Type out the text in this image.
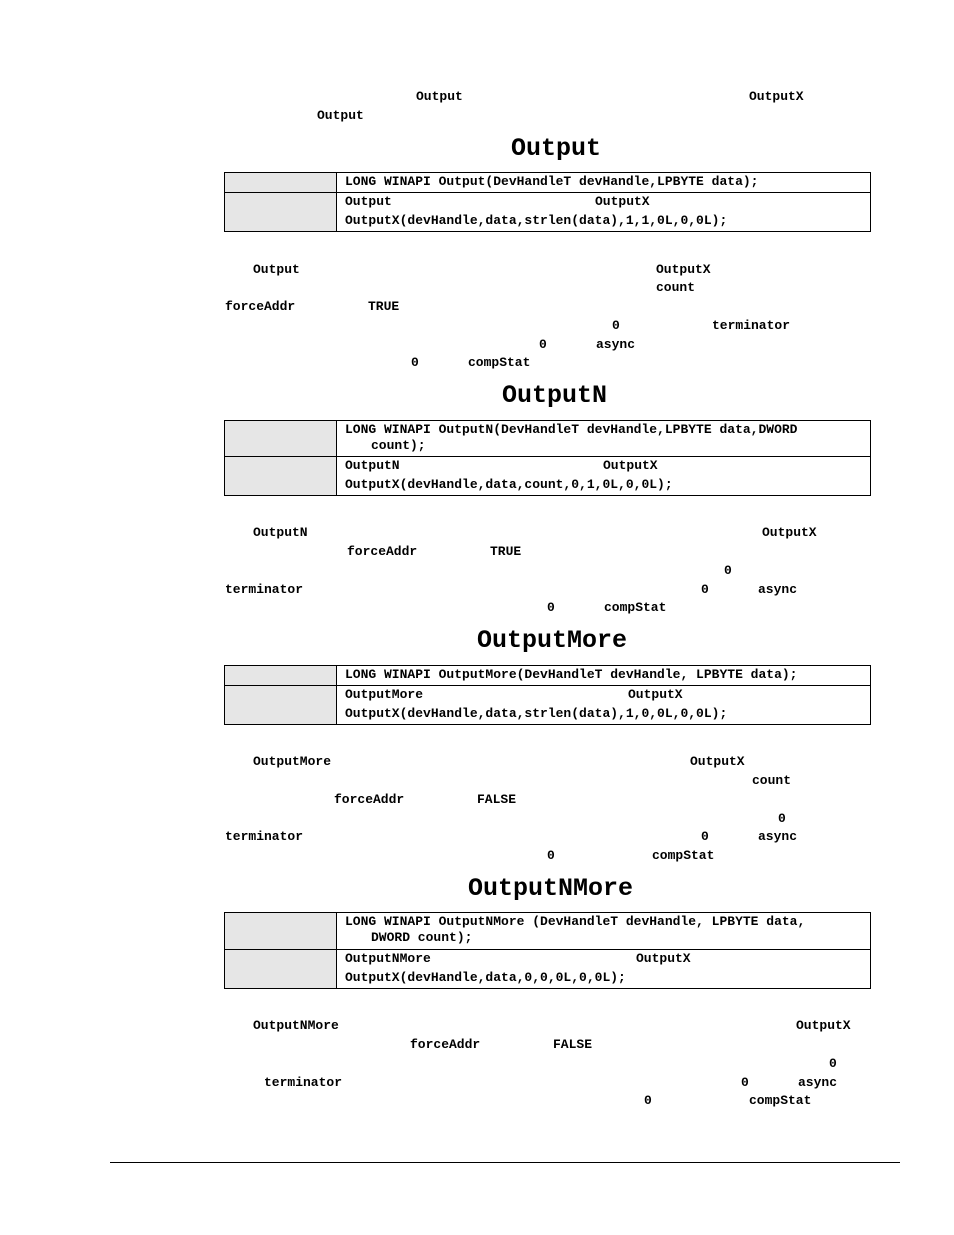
Output	OutputX
Output
Output
LONG WINAPI Output(DevHandleT devHandle,LPBYTE data);
Output	OutputX
OutputX(devHandle,data,strlen(data),1,1,0L,0,0L);
Output	OutputX
count
forceAddr	TRUE
0	terminator
0	async
0	compStat
OutputN
LONG WINAPI OutputN(DevHandleT devHandle,LPBYTE data,DWORD
count);
OutputN	OutputX
OutputX(devHandle,data,count,0,1,0L,0,0L);
OutputN	OutputX
forceAddr	TRUE
0
terminator	0	async
0	compStat
OutputMore
LONG WINAPI OutputMore(DevHandleT devHandle, LPBYTE data);
OutputMore	OutputX
OutputX(devHandle,data,strlen(data),1,0,0L,0,0L);
OutputMore	OutputX
count
forceAddr	FALSE
0
terminator	0	async
0	compStat
OutputNMore
LONG WINAPI OutputNMore (DevHandleT devHandle, LPBYTE data,
DWORD count);
OutputNMore	OutputX
OutputX(devHandle,data,0,0,0L,0,0L);
OutputNMore	OutputX
forceAddr	FALSE
0
terminator	0	async
0	compStat
